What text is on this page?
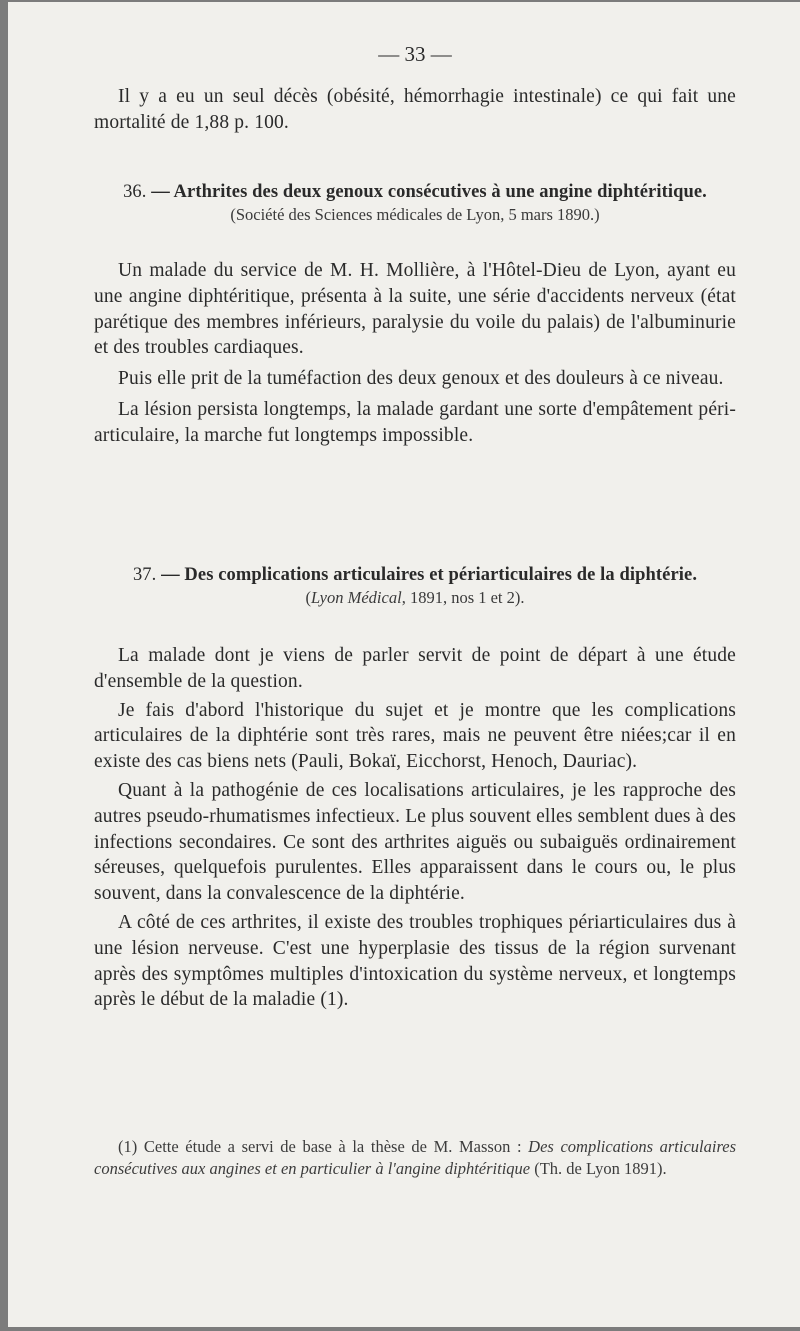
— 33 —

Il y a eu un seul décès (obésité, hémorrhagie intestinale) ce qui fait une mortalité de 1,88 p. 100.

36. — Arthrites des deux genoux consécutives à une angine diphtéritique.
(Société des Sciences médicales de Lyon, 5 mars 1890.)

Un malade du service de M. H. Mollière, à l'Hôtel-Dieu de Lyon, ayant eu une angine diphtéritique, présenta à la suite, une série d'accidents nerveux (état parétique des membres inférieurs, paralysie du voile du palais) de l'albuminurie et des troubles cardiaques.

Puis elle prit de la tuméfaction des deux genoux et des douleurs à ce niveau.

La lésion persista longtemps, la malade gardant une sorte d'empâtement péri-articulaire, la marche fut longtemps impossible.

37. — Des complications articulaires et périarticulaires de la diphtérie.
(Lyon Médical, 1891, nos 1 et 2).

La malade dont je viens de parler servit de point de départ à une étude d'ensemble de la question.

Je fais d'abord l'historique du sujet et je montre que les complications articulaires de la diphtérie sont très rares, mais ne peuvent être niées;car il en existe des cas biens nets (Pauli, Bokaï, Eicchorst, Henoch, Dauriac).

Quant à la pathogénie de ces localisations articulaires, je les rapproche des autres pseudo-rhumatismes infectieux. Le plus souvent elles semblent dues à des infections secondaires. Ce sont des arthrites aiguës ou subaiguës ordinairement séreuses, quelquefois purulentes. Elles apparaissent dans le cours ou, le plus souvent, dans la convalescence de la diphtérie.

A côté de ces arthrites, il existe des troubles trophiques périarticulaires dus à une lésion nerveuse. C'est une hyperplasie des tissus de la région survenant après des symptômes multiples d'intoxication du système nerveux, et longtemps après le début de la maladie (1).

(1) Cette étude a servi de base à la thèse de M. Masson : Des complications articulaires consécutives aux angines et en particulier à l'angine diphtéritique (Th. de Lyon 1891).
